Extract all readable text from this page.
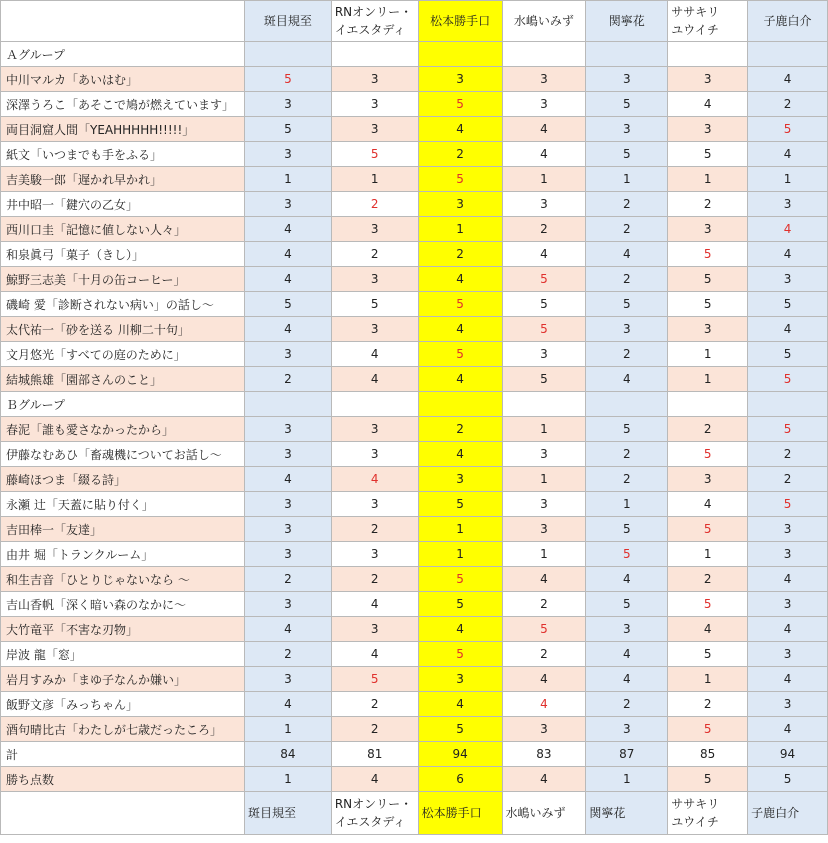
	斑目規至	RNオンリー・
イエスタディ	松本勝手口	水嶋いみず	関寧花	ササキリ
ユウイチ	子鹿白介
Ａグループ							
中川マルカ「あいはむ」	5	3	3	3	3	3	4
深澤うろこ「あそこで鳩が燃えています」	3	3	5	3	5	4	2
両目洞窟人間「YEAHHHHH!!!!!」	5	3	4	4	3	3	5
紙文「いつまでも手をふる」	3	5	2	4	5	5	4
吉美駿一郎「遅かれ早かれ」	1	1	5	1	1	1	1
井中昭一「鍵穴の乙女」	3	2	3	3	2	2	3
西川口圭「記憶に値しない人々」	4	3	1	2	2	3	4
和泉眞弓「菓子（きし）」	4	2	2	4	4	5	4
鯨野三志美「十月の缶コーヒー」	4	3	4	5	2	5	3
磯崎 愛「診断されない病い」の話し～	5	5	5	5	5	5	5
太代祐一「砂を送る 川柳二十句」	4	3	4	5	3	3	4
文月悠光「すべての庭のために」	3	4	5	3	2	1	5
結城熊雄「園部さんのこと」	2	4	4	5	4	1	5
Ｂグループ							
春泥「誰も愛さなかったから」	3	3	2	1	5	2	5
伊藤なむあひ「畜魂機についてお話し～	3	3	4	3	2	5	2
藤崎ほつま「綴る詩」	4	4	3	1	2	3	2
永瀬 辻「天蓋に貼り付く」	3	3	5	3	1	4	5
吉田棒一「友達」	3	2	1	3	5	5	3
由井 堀「トランクルーム」	3	3	1	1	5	1	3
和生吉音「ひとりじゃないなら ～	2	2	5	4	4	2	4
吉山香帆「深く暗い森のなかに～	3	4	5	2	5	5	3
大竹竜平「不害な刃物」	4	3	4	5	3	4	4
岸波 龍「窓」	2	4	5	2	4	5	3
岩月すみか「まゆ子なんか嫌い」	3	5	3	4	4	1	4
飯野文彦「みっちゃん」	4	2	4	4	2	2	3
酒句晴比古「わたしが七歳だったころ」	1	2	5	3	3	5	4
計	84	81	94	83	87	85	94
勝ち点数	1	4	6	4	1	5	5
	斑目規至	RNオンリー・
イエスタディ	松本勝手口	水嶋いみず	関寧花	ササキリ
ユウイチ	子鹿白介
